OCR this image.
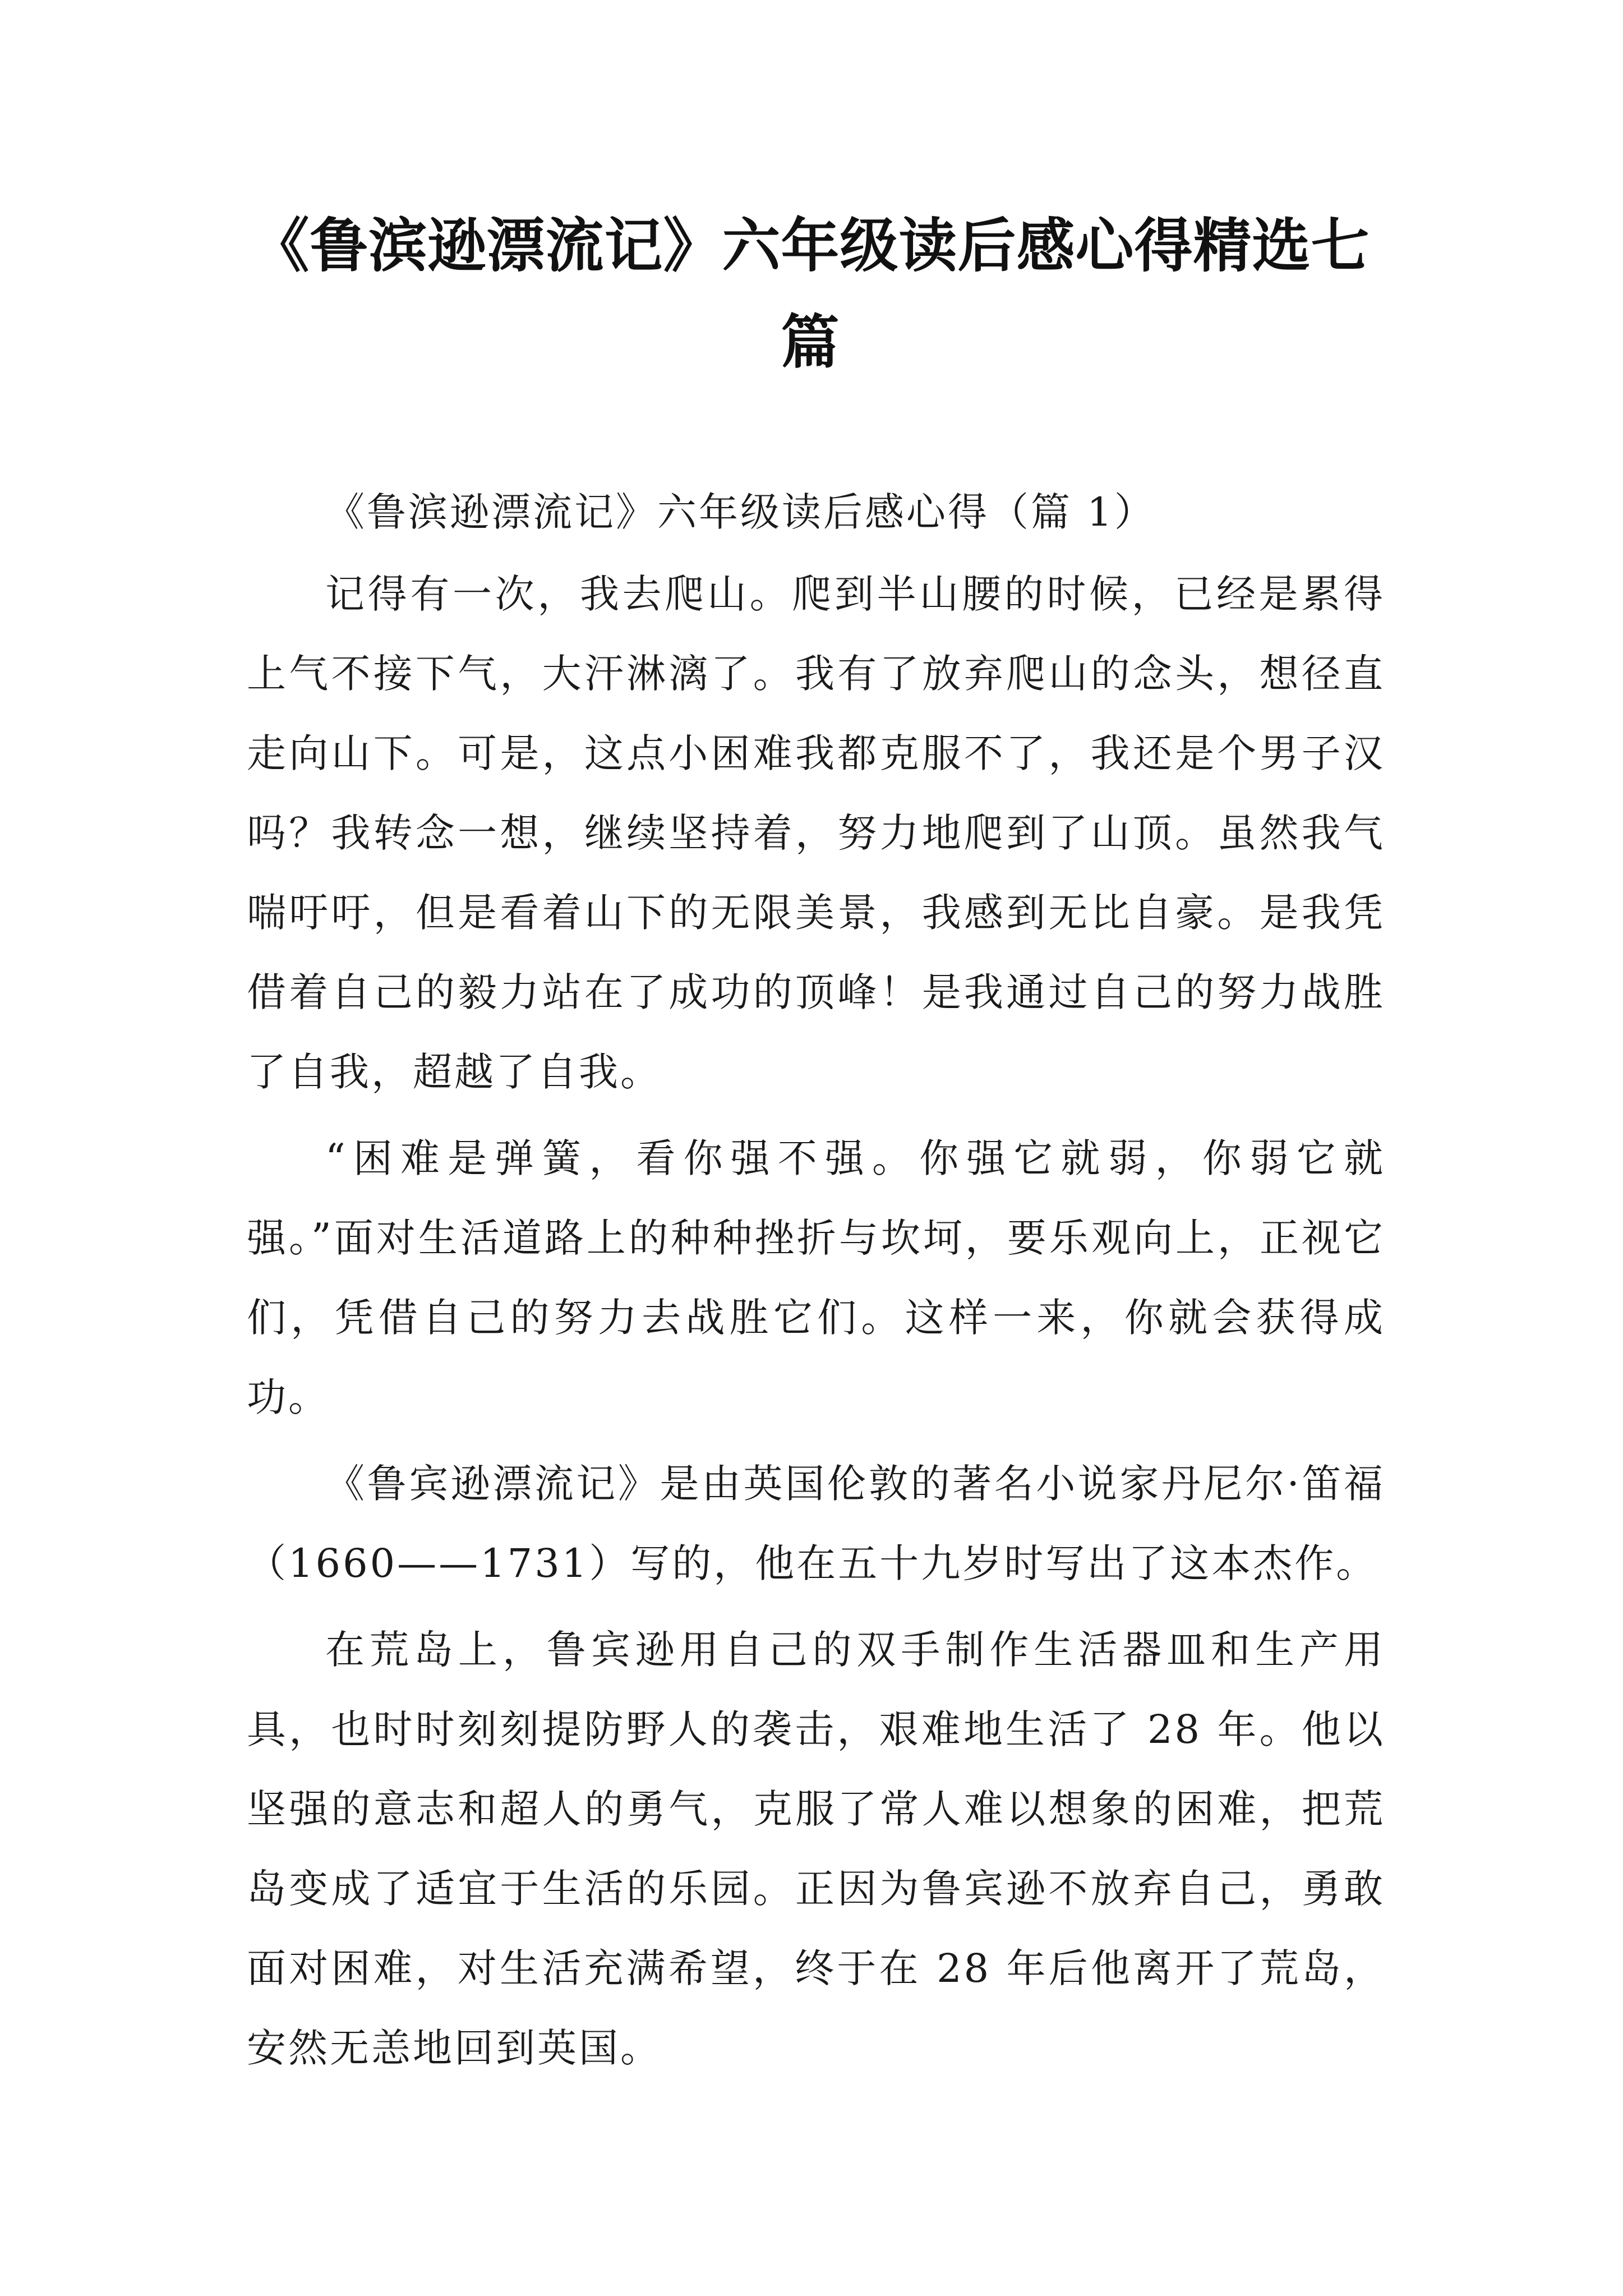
《鲁滨逊漂流记》六年级读后感心得精选七篇

《鲁滨逊漂流记》六年级读后感心得（篇 1）

记得有一次，我去爬山。爬到半山腰的时候，已经是累得上气不接下气，大汗淋漓了。我有了放弃爬山的念头，想径直走向山下。可是，这点小困难我都克服不了，我还是个男子汉吗？我转念一想，继续坚持着，努力地爬到了山顶。虽然我气喘吁吁，但是看着山下的无限美景，我感到无比自豪。是我凭借着自己的毅力站在了成功的顶峰！是我通过自己的努力战胜了自我，超越了自我。

“困难是弹簧，看你强不强。你强它就弱，你弱它就强。”面对生活道路上的种种挫折与坎坷，要乐观向上，正视它们，凭借自己的努力去战胜它们。这样一来，你就会获得成功。

《鲁宾逊漂流记》是由英国伦敦的著名小说家丹尼尔·笛福（1660——1731）写的，他在五十九岁时写出了这本杰作。

在荒岛上，鲁宾逊用自己的双手制作生活器皿和生产用具，也时时刻刻提防野人的袭击，艰难地生活了 28 年。他以坚强的意志和超人的勇气，克服了常人难以想象的困难，把荒岛变成了适宜于生活的乐园。正因为鲁宾逊不放弃自己，勇敢面对困难，对生活充满希望，终于在 28 年后他离开了荒岛，安然无恙地回到英国。
